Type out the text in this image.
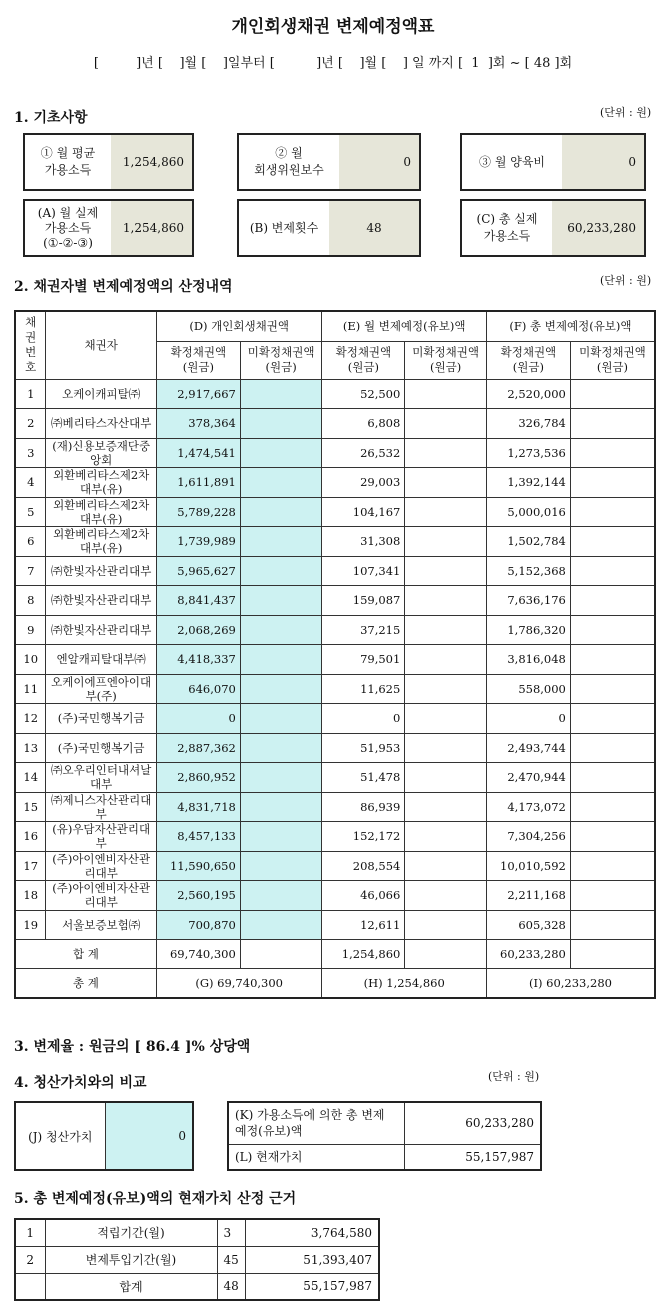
개인회생채권 변제예정액표
[         ]년 [    ]월 [    ]일부터 [          ]년 [    ]월 [    ] 일 까지 [  1  ]회 ~ [ 48 ]회
1. 기초사항	(단위 : 원)
① 월 평균
가용소득
1,254,860
② 월
회생위원보수
0	③ 월 양육비	0
(A) 월 실제
가용소득
(①-②-③)
1,254,860	(B) 변제횟수	48
(C) 총 실제
가용소득
60,233,280
2. 채권자별 변제예정액의 산정내역	(단위 : 원)
채권
번호	채권자	(D) 개인회생채권액		(E) 월 변제예정(유보)액		(F) 총 변제예정(유보)액	
		확정채권액
(원금)	미확정채권액
(원금)	확정채권액
(원금)	미확정채권액
(원금)	확정채권액
(원금)	미확정채권액
(원금)
1	오케이캐피탈㈜	2,917,667		52,500		2,520,000	
2	㈜베리타스자산대부	378,364		6,808		326,784	
3	(재)신용보증재단중
앙회	1,474,541		26,532		1,273,536	
4	외환베리타스제2차
대부(유)	1,611,891		29,003		1,392,144	
5	외환베리타스제2차
대부(유)	5,789,228		104,167		5,000,016	
6	외환베리타스제2차
대부(유)	1,739,989		31,308		1,502,784	
7	㈜한빛자산관리대부	5,965,627		107,341		5,152,368	
8	㈜한빛자산관리대부	8,841,437		159,087		7,636,176	
9	㈜한빛자산관리대부	2,068,269		37,215		1,786,320	
10	엔알캐피탈대부㈜	4,418,337		79,501		3,816,048	
11	오케이에프엔아이대
부(주)	646,070		11,625		558,000	
12	(주)국민행복기금	0		0		0	
13	(주)국민행복기금	2,887,362		51,953		2,493,744	
14	㈜오우리인터내셔날
대부	2,860,952		51,478		2,470,944	
15	㈜제니스자산관리대
부	4,831,718		86,939		4,173,072	
16	(유)우담자산관리대
부	8,457,133		152,172		7,304,256	
17	(주)아이엔비자산관
리대부	11,590,650		208,554		10,010,592	
18	(주)아이엔비자산관
리대부	2,560,195		46,066		2,211,168	
19	서울보증보험㈜	700,870		12,611		605,328	
합 계		69,740,300		1,254,860		60,233,280	
총 계		(G) 69,740,300		(H) 1,254,860		(I) 60,233,280	
3. 변제율 : 원금의 [ 86.4 ]% 상당액
4. 청산가치와의 비교	(단위 : 원)
(J) 청산가치	0
(K) 가용소득에 의한 총 변제
예정(유보)액	60,233,280
(L) 현재가치	55,157,987
5. 총 변제예정(유보)액의 현재가치 산정 근거
1	적립기간(월)	3	3,764,580
2	변제투입기간(월)	45	51,393,407
	합계	48	55,157,987
